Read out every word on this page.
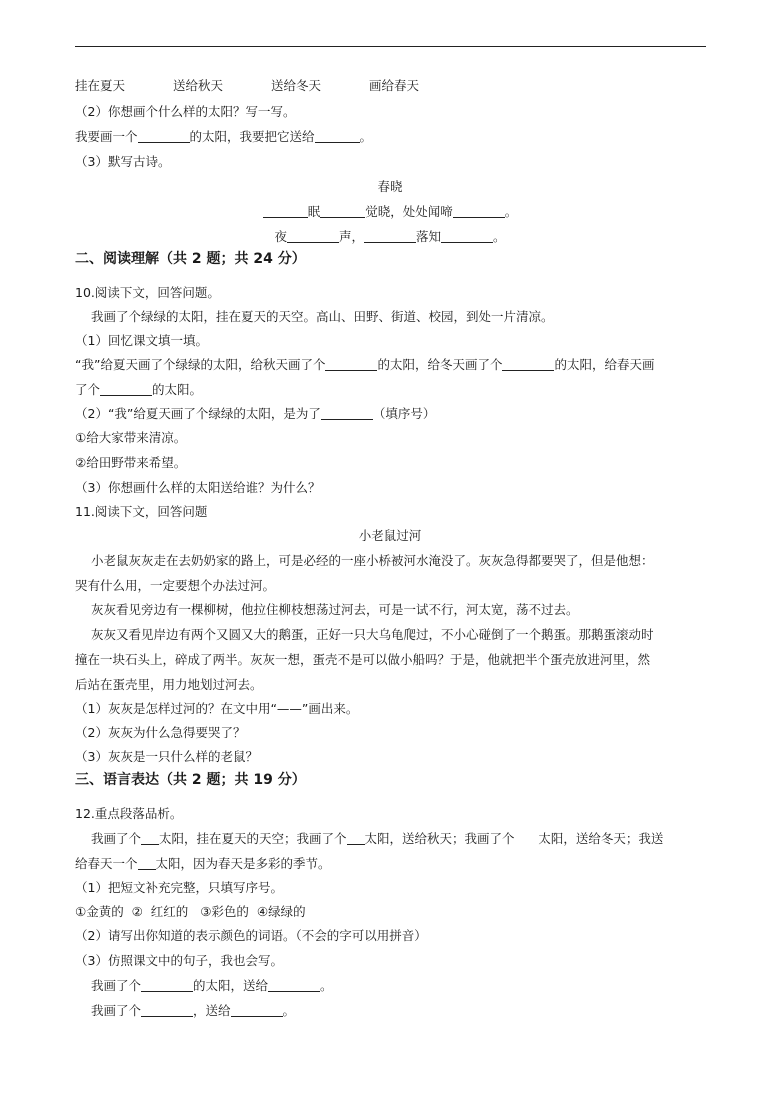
挂在夏天	送给秋天	送给冬天	画给春天
（2）你想画个什么样的太阳？写一写。
我要画一个	的太阳，我要把它送给	。
（3）默写古诗。
春晓
眠	觉晓，处处闻啼	。
夜	声，	落知	。
二、阅读理解（共 2 题；共 24 分）
10.阅读下文，回答问题。
我画了个绿绿的太阳，挂在夏天的天空。高山、田野、街道、校园，到处一片清凉。
（1）回忆课文填一填。
“我”给夏天画了个绿绿的太阳，给秋天画了个	的太阳，给冬天画了个	的太阳，给春天画
了个	的太阳。
（2）“我”给夏天画了个绿绿的太阳，是为了	（填序号）
①给大家带来清凉。
②给田野带来希望。
（3）你想画什么样的太阳送给谁？为什么？
11.阅读下文，回答问题
小老鼠过河
小老鼠灰灰走在去奶奶家的路上，可是必经的一座小桥被河水淹没了。灰灰急得都要哭了，但是他想：
哭有什么用，一定要想个办法过河。
灰灰看见旁边有一棵柳树，他拉住柳枝想荡过河去，可是一试不行，河太宽，荡不过去。
灰灰又看见岸边有两个又圆又大的鹅蛋，正好一只大乌龟爬过，不小心碰倒了一个鹅蛋。那鹅蛋滚动时
撞在一块石头上，碎成了两半。灰灰一想，蛋壳不是可以做小船吗？于是，他就把半个蛋壳放进河里，然
后站在蛋壳里，用力地划过河去。
（1）灰灰是怎样过河的？在文中用“——”画出来。
（2）灰灰为什么急得要哭了？
（3）灰灰是一只什么样的老鼠？
三、语言表达（共 2 题；共 19 分）
12.重点段落品析。
我画了个 太阳，挂在夏天的天空；我画了个 太阳，送给秋天；我画了个      太阳，送给冬天；我送
给春天一个 太阳，因为春天是多彩的季节。
（1）把短文补充完整，只填写序号。
①金黄的  ②  红红的   ③彩色的  ④绿绿的
（2）请写出你知道的表示颜色的词语。（不会的字可以用拼音）
（3）仿照课文中的句子，我也会写。
我画了个	的太阳，送给	。
我画了个	，送给	。
